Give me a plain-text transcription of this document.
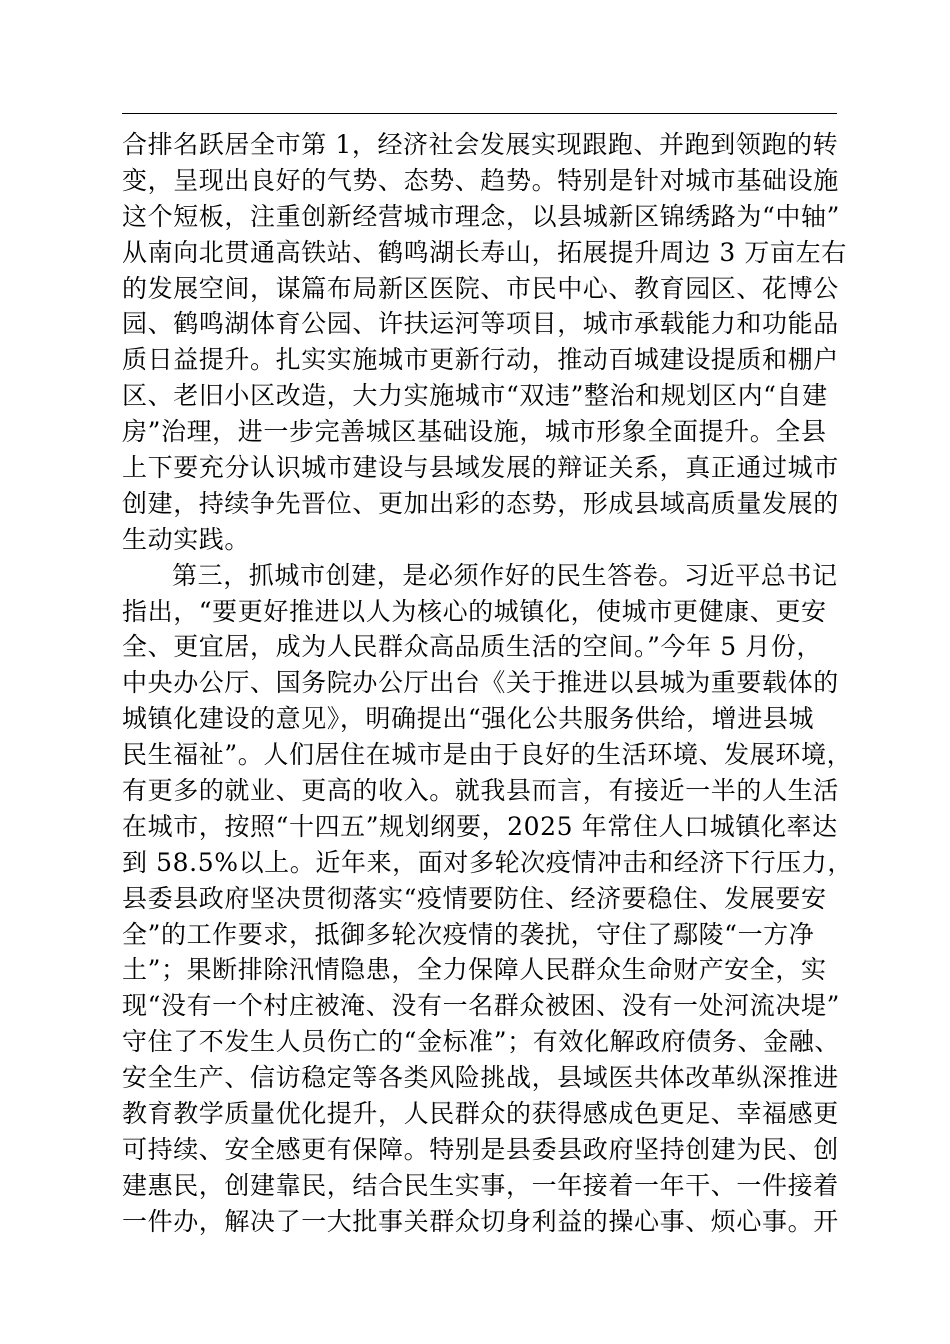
合排名跃居全市第 1，经济社会发展实现跟跑、并跑到领跑的转
变，呈现出良好的气势、态势、趋势。特别是针对城市基础设施
这个短板，注重创新经营城市理念，以县城新区锦绣路为“中轴”
从南向北贯通高铁站、鹤鸣湖长寿山，拓展提升周边 3 万亩左右
的发展空间，谋篇布局新区医院、市民中心、教育园区、花博公
园、鹤鸣湖体育公园、许扶运河等项目，城市承载能力和功能品
质日益提升。扎实实施城市更新行动，推动百城建设提质和棚户
区、老旧小区改造，大力实施城市“双违”整治和规划区内“自建
房”治理，进一步完善城区基础设施，城市形象全面提升。全县
上下要充分认识城市建设与县域发展的辩证关系，真正通过城市
创建，持续争先晋位、更加出彩的态势，形成县域高质量发展的
生动实践。
第三，抓城市创建，是必须作好的民生答卷。习近平总书记
指出，“要更好推进以人为核心的城镇化，使城市更健康、更安
全、更宜居，成为人民群众高品质生活的空间。”今年 5 月份，
中央办公厅、国务院办公厅出台《关于推进以县城为重要载体的
城镇化建设的意见》，明确提出“强化公共服务供给，增进县城
民生福祉”。人们居住在城市是由于良好的生活环境、发展环境，
有更多的就业、更高的收入。就我县而言，有接近一半的人生活
在城市，按照“十四五”规划纲要，2025 年常住人口城镇化率达
到 58.5%以上。近年来，面对多轮次疫情冲击和经济下行压力，
县委县政府坚决贯彻落实“疫情要防住、经济要稳住、发展要安
全”的工作要求，抵御多轮次疫情的袭扰，守住了鄢陵“一方净
土”；果断排除汛情隐患，全力保障人民群众生命财产安全，实
现“没有一个村庄被淹、没有一名群众被困、没有一处河流决堤”
守住了不发生人员伤亡的“金标准”；有效化解政府债务、金融、
安全生产、信访稳定等各类风险挑战，县域医共体改革纵深推进
教育教学质量优化提升，人民群众的获得感成色更足、幸福感更
可持续、安全感更有保障。特别是县委县政府坚持创建为民、创
建惠民，创建靠民，结合民生实事，一年接着一年干、一件接着
一件办，解决了一大批事关群众切身利益的操心事、烦心事。开
